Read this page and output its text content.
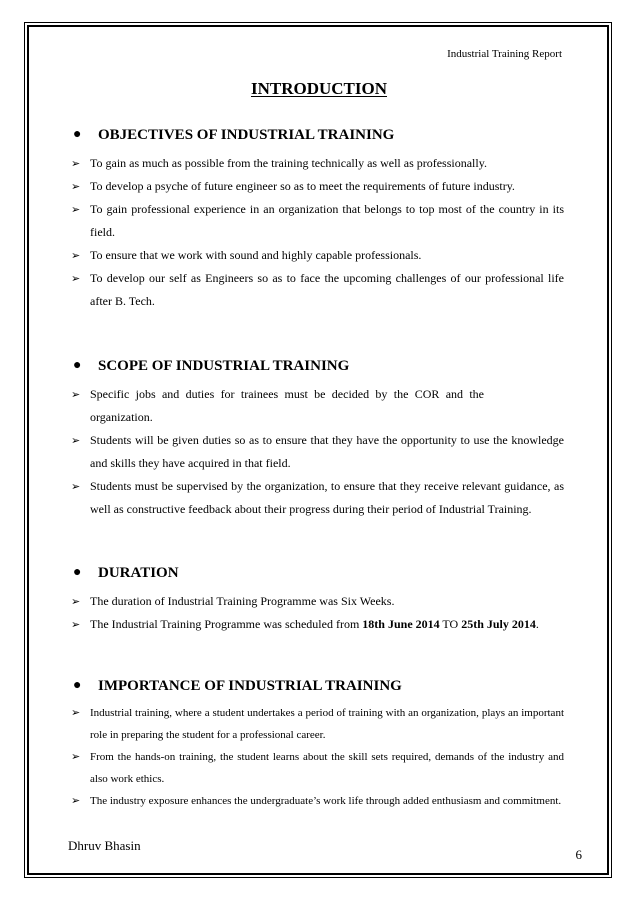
Industrial Training Report
INTRODUCTION
● OBJECTIVES OF INDUSTRIAL TRAINING
➢ To gain as much as possible from the training technically as well as professionally.
➢ To develop a psyche of future engineer so as to meet the requirements of future industry.
➢ To gain professional experience in an organization that belongs to top most of the country in its field.
➢ To ensure that we work with sound and highly capable professionals.
➢ To develop our self as Engineers so as to face the upcoming challenges of our professional life after B. Tech.
● SCOPE OF INDUSTRIAL TRAINING
➢ Specific jobs and duties for trainees must be decided by the COR and the organization.
➢ Students will be given duties so as to ensure that they have the opportunity to use the knowledge and skills they have acquired in that field.
➢ Students must be supervised by the organization, to ensure that they receive relevant guidance, as well as constructive feedback about their progress during their period of Industrial Training.
● DURATION
➢ The duration of Industrial Training Programme was Six Weeks.
➢ The Industrial Training Programme was scheduled from 18th June 2014 TO 25th July 2014.
● IMPORTANCE OF INDUSTRIAL TRAINING
➢ Industrial training, where a student undertakes a period of training with an organization, plays an important role in preparing the student for a professional career.
➢ From the hands-on training, the student learns about the skill sets required, demands of the industry and also work ethics.
➢ The industry exposure enhances the undergraduate’s work life through added enthusiasm and commitment.
Dhruv Bhasin
6
